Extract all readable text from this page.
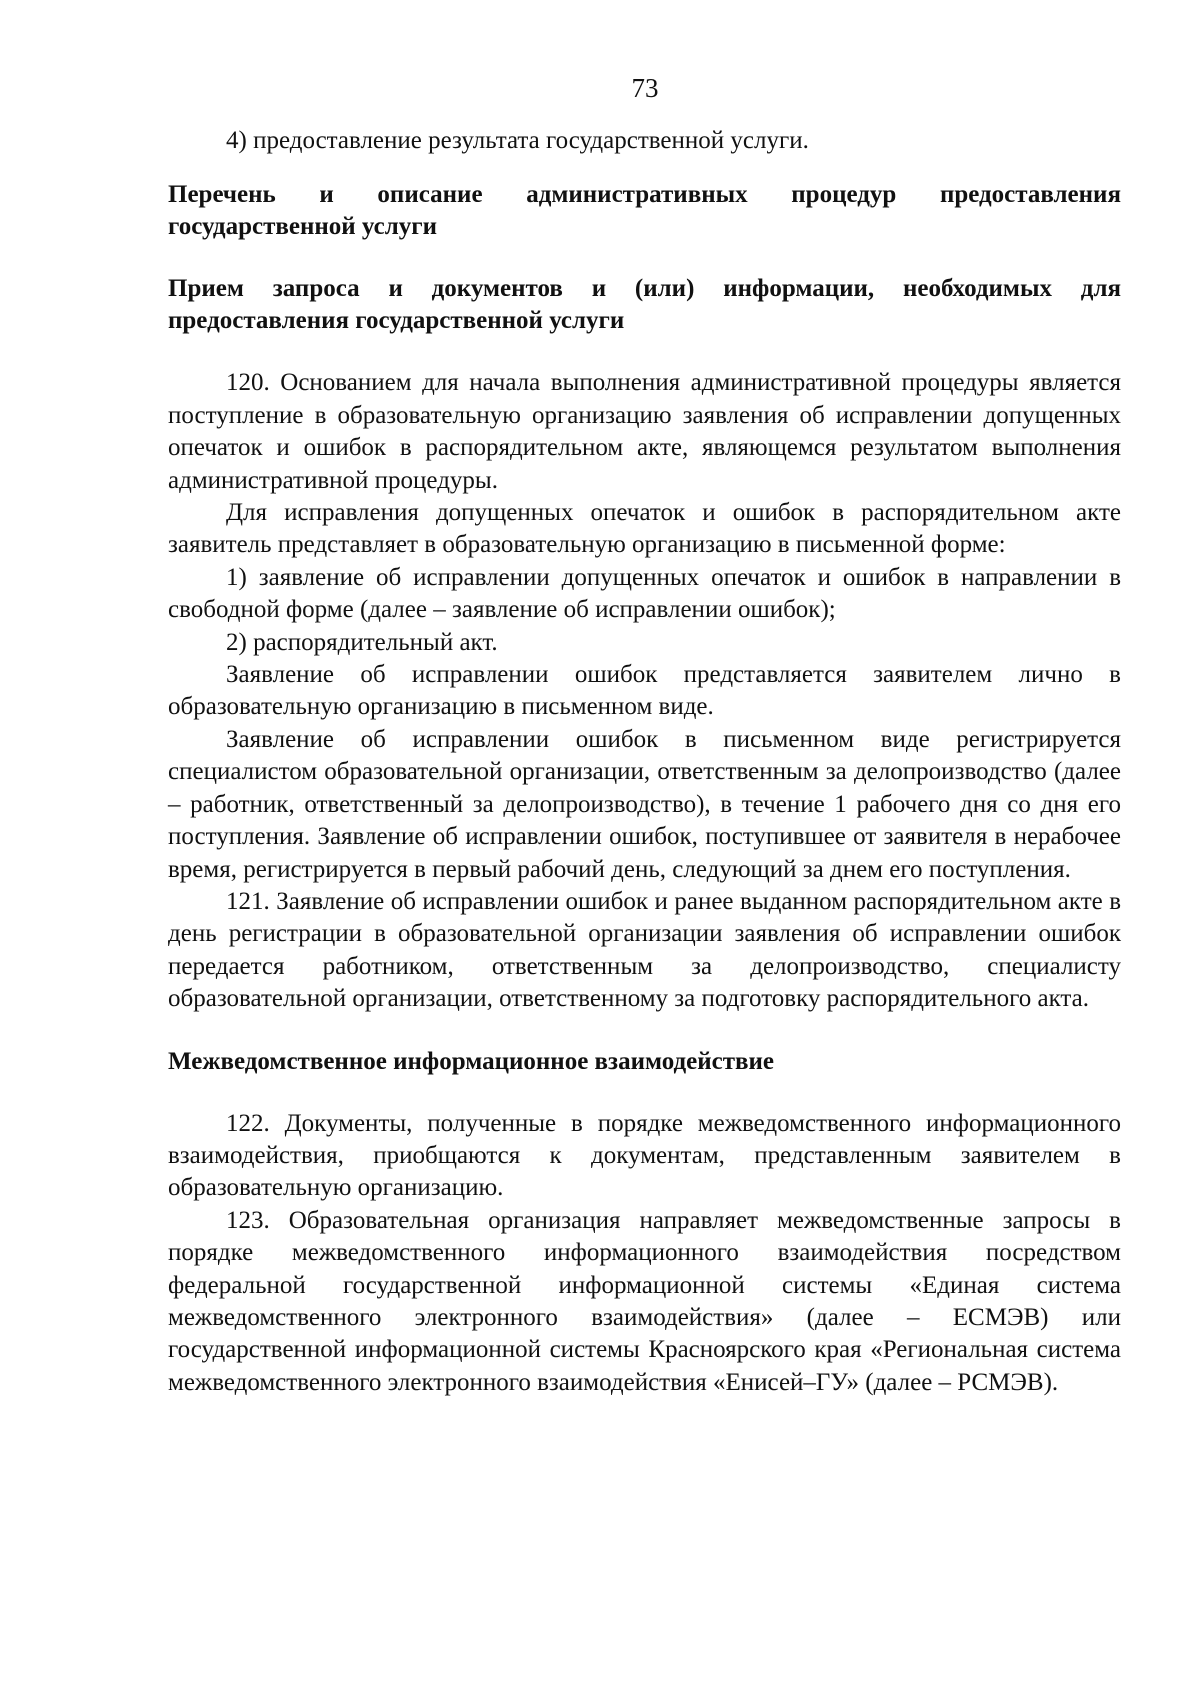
73

4) предоставление результата государственной услуги.

Перечень и описание административных процедур предоставления государственной услуги

Прием запроса и документов и (или) информации, необходимых для предоставления государственной услуги

120. Основанием для начала выполнения административной процедуры является поступление в образовательную организацию заявления об исправлении допущенных опечаток и ошибок в распорядительном акте, являющемся результатом выполнения административной процедуры.

Для исправления допущенных опечаток и ошибок в распорядительном акте заявитель представляет в образовательную организацию в письменной форме:

1) заявление об исправлении допущенных опечаток и ошибок в направлении в свободной форме (далее – заявление об исправлении ошибок);

2) распорядительный акт.

Заявление об исправлении ошибок представляется заявителем лично в образовательную организацию в письменном виде.

Заявление об исправлении ошибок в письменном виде регистрируется специалистом образовательной организации, ответственным за делопроизводство (далее – работник, ответственный за делопроизводство), в течение 1 рабочего дня со дня его поступления. Заявление об исправлении ошибок, поступившее от заявителя в нерабочее время, регистрируется в первый рабочий день, следующий за днем его поступления.

121. Заявление об исправлении ошибок и ранее выданном распорядительном акте в день регистрации в образовательной организации заявления об исправлении ошибок передается работником, ответственным за делопроизводство, специалисту образовательной организации, ответственному за подготовку распорядительного акта.

Межведомственное информационное взаимодействие

122. Документы, полученные в порядке межведомственного информационного взаимодействия, приобщаются к документам, представленным заявителем в образовательную организацию.

123. Образовательная организация направляет межведомственные запросы в порядке межведомственного информационного взаимодействия посредством федеральной государственной информационной системы «Единая система межведомственного электронного взаимодействия» (далее – ЕСМЭВ) или государственной информационной системы Красноярского края «Региональная система межведомственного электронного взаимодействия «Енисей–ГУ» (далее – РСМЭВ).
